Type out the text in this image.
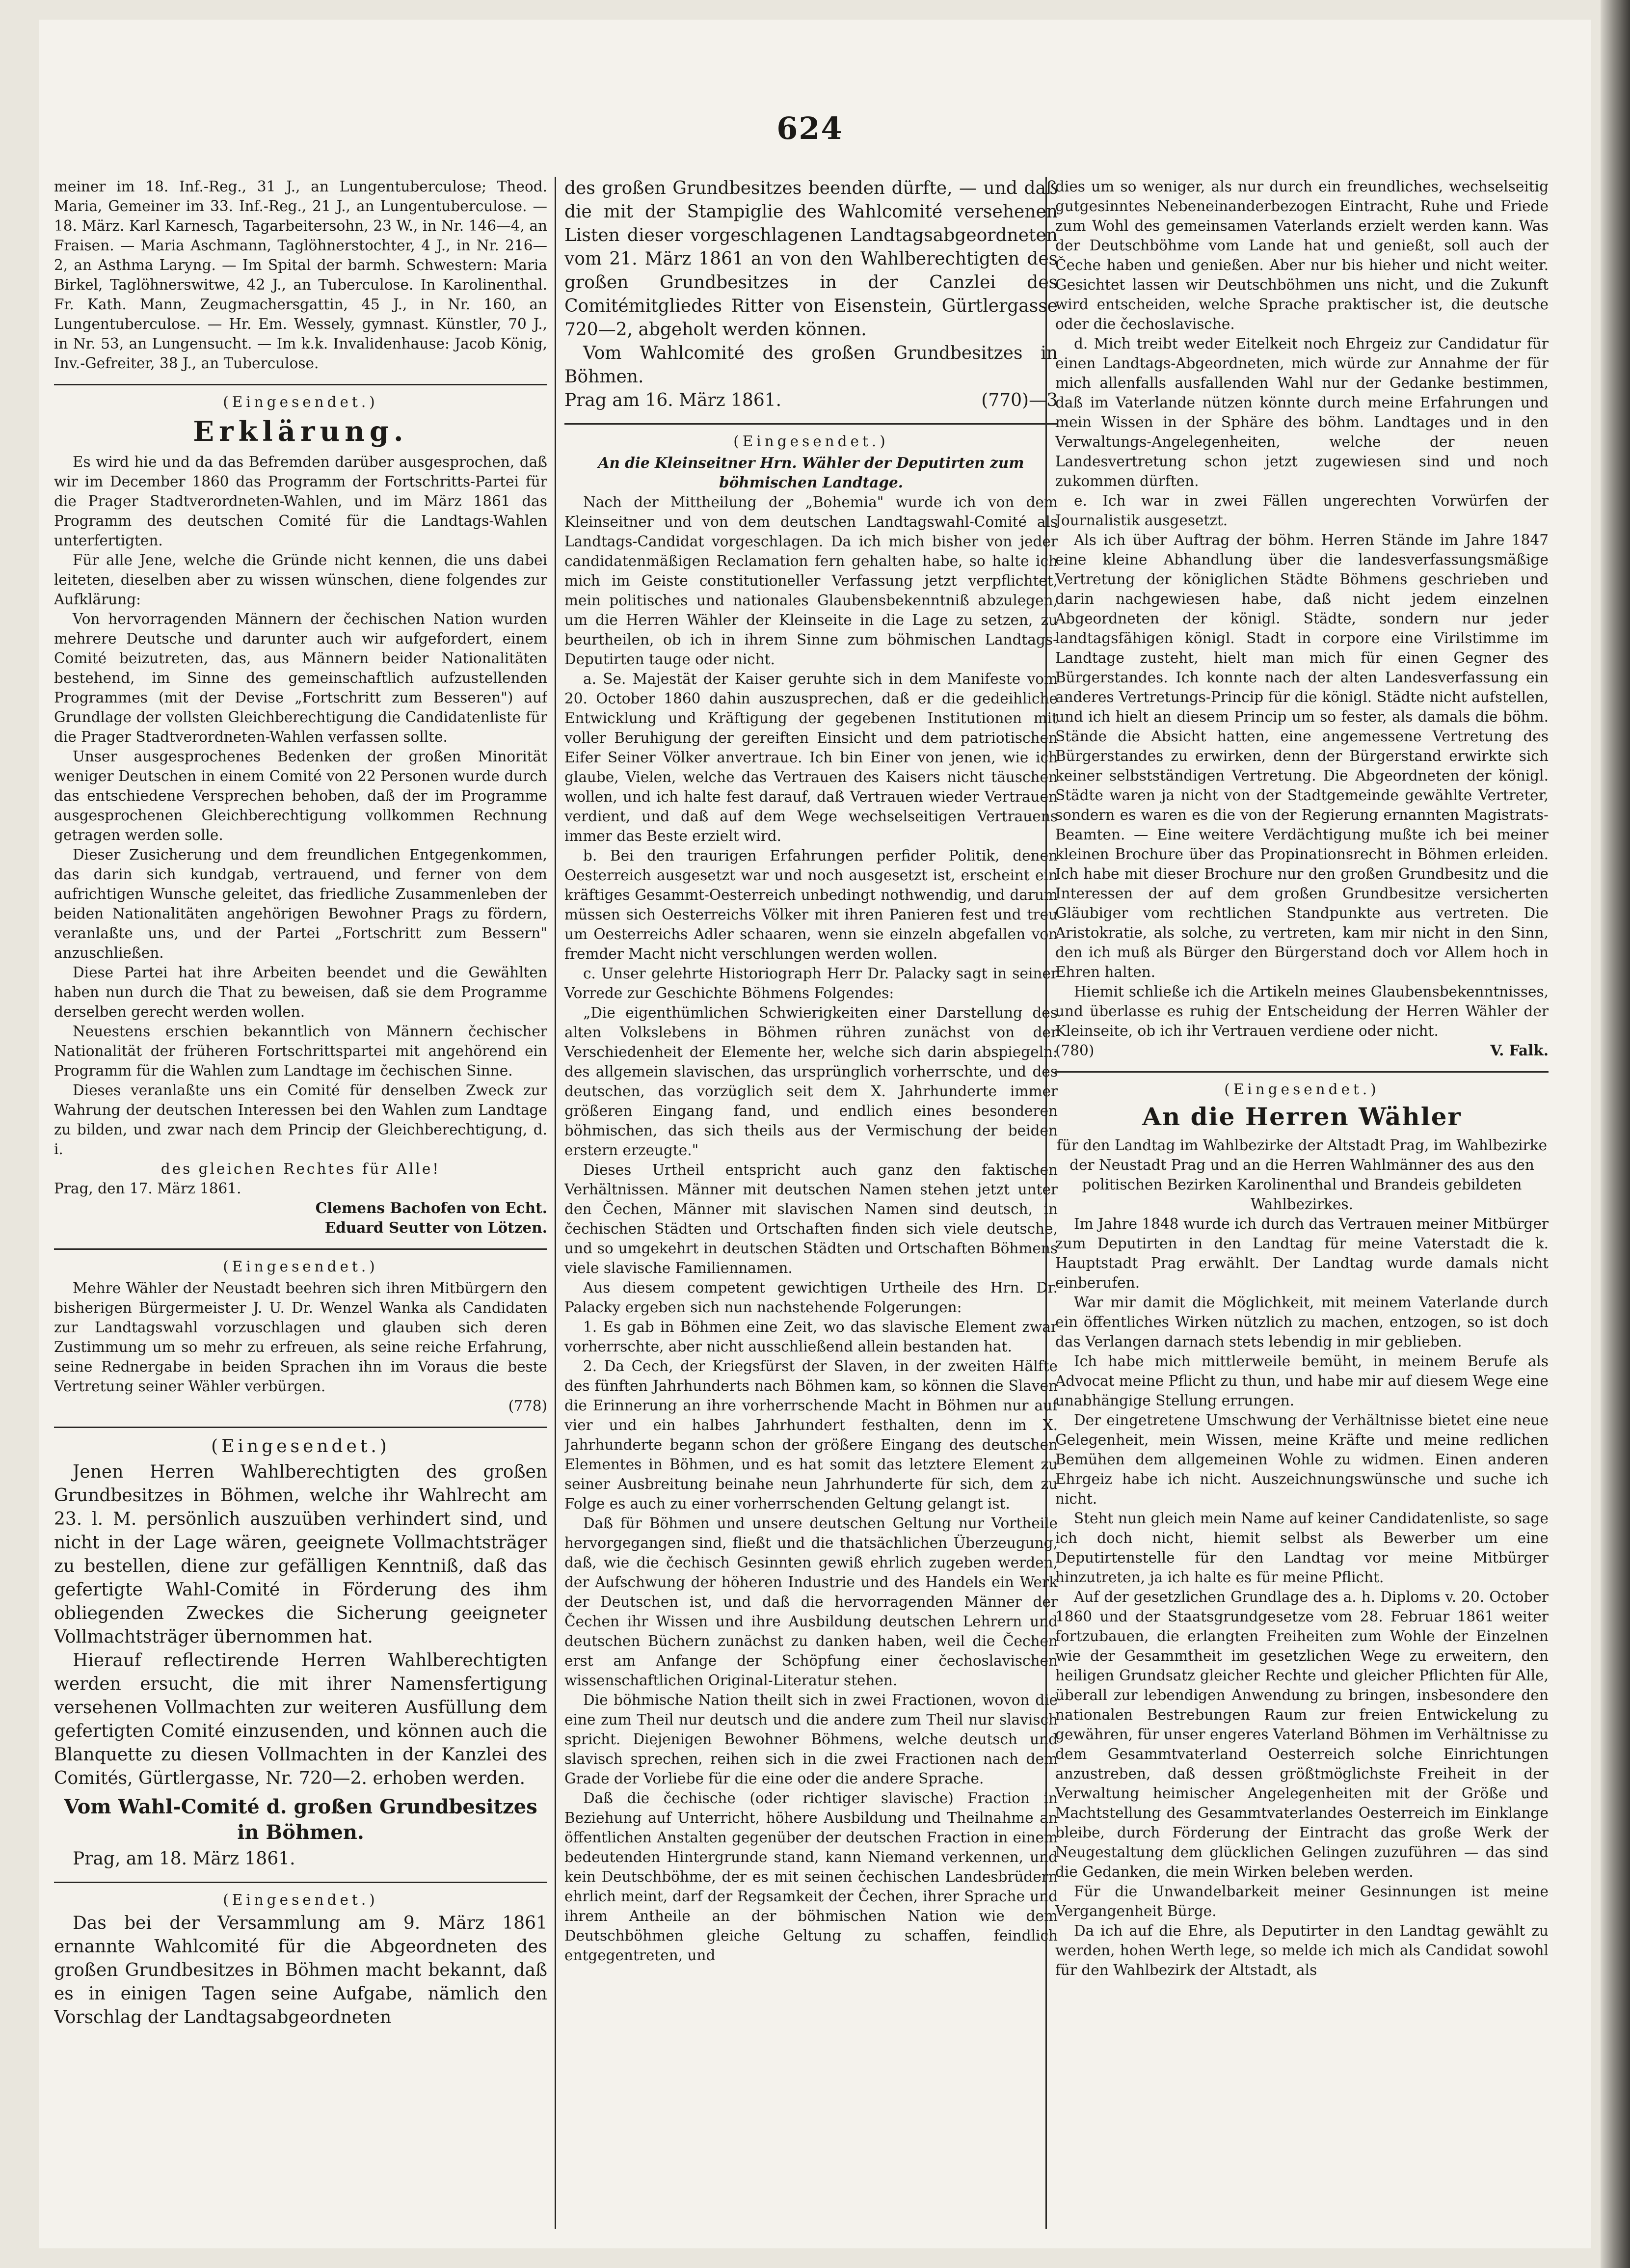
624

meiner im 18. Inf.-Reg., 31 J., an Lungentuberculose; Theod. Maria, Gemeiner im 33. Inf.-Reg., 21 J., an Lungentuberculose. — 18. März. Karl Karnesch, Tagarbeitersohn, 23 W., in Nr. 146—4, an Fraisen. — Maria Aschmann, Taglöhnerstochter, 4 J., in Nr. 216—2, an Asthma Laryng. — Im Spital der barmh. Schwestern: Maria Birkel, Taglöhnerswitwe, 42 J., an Tuberculose. In Karolinenthal. Fr. Kath. Mann, Zeugmachersgattin, 45 J., in Nr. 160, an Lungentuberculose. — Hr. Em. Wessely, gymnast. Künstler, 70 J., in Nr. 53, an Lungensucht. — Im k.k. Invalidenhause: Jacob König, Inv.-Gefreiter, 38 J., an Tuberculose.

(Eingesendet.)

Erklärung.

Es wird hie und da das Befremden darüber ausgesprochen, daß wir im December 1860 das Programm der Fortschritts-Partei für die Prager Stadtverordneten-Wahlen, und im März 1861 das Programm des deutschen Comité für die Landtags-Wahlen unterfertigten.

Für alle Jene, welche die Gründe nicht kennen, die uns dabei leiteten, dieselben aber zu wissen wünschen, diene folgendes zur Aufklärung:

Von hervorragenden Männern der čechischen Nation wurden mehrere Deutsche und darunter auch wir aufgefordert, einem Comité beizutreten, das, aus Männern beider Nationalitäten bestehend, im Sinne des gemeinschaftlich aufzustellenden Programmes (mit der Devise „Fortschritt zum Besseren") auf Grundlage der vollsten Gleichberechtigung die Candidatenliste für die Prager Stadtverordneten-Wahlen verfassen sollte.

Unser ausgesprochenes Bedenken der großen Minorität weniger Deutschen in einem Comité von 22 Personen wurde durch das entschiedene Versprechen behoben, daß der im Programme ausgesprochenen Gleichberechtigung vollkommen Rechnung getragen werden solle.

Dieser Zusicherung und dem freundlichen Entgegenkommen, das darin sich kundgab, vertrauend, und ferner von dem aufrichtigen Wunsche geleitet, das friedliche Zusammenleben der beiden Nationalitäten angehörigen Bewohner Prags zu fördern, veranlaßte uns, und der Partei „Fortschritt zum Bessern" anzuschließen.

Diese Partei hat ihre Arbeiten beendet und die Gewählten haben nun durch die That zu beweisen, daß sie dem Programme derselben gerecht werden wollen.

Neuestens erschien bekanntlich von Männern čechischer Nationalität der früheren Fortschrittspartei mit angehörend ein Programm für die Wahlen zum Landtage im čechischen Sinne.

Dieses veranlaßte uns ein Comité für denselben Zweck zur Wahrung der deutschen Interessen bei den Wahlen zum Landtage zu bilden, und zwar nach dem Princip der Gleichberechtigung, d. i.

des gleichen Rechtes für Alle!

Prag, den 17. März 1861.

Clemens Bachofen von Echt.

Eduard Seutter von Lötzen.

(Eingesendet.)

Mehre Wähler der Neustadt beehren sich ihren Mitbürgern den bisherigen Bürgermeister J. U. Dr. Wenzel Wanka als Candidaten zur Landtagswahl vorzuschlagen und glauben sich deren Zustimmung um so mehr zu erfreuen, als seine reiche Erfahrung, seine Rednergabe in beiden Sprachen ihn im Voraus die beste Vertretung seiner Wähler verbürgen.

(778)

(Eingesendet.)

Jenen Herren Wahlberechtigten des großen Grundbesitzes in Böhmen, welche ihr Wahlrecht am 23. l. M. persönlich auszuüben verhindert sind, und nicht in der Lage wären, geeignete Vollmachtsträger zu bestellen, diene zur gefälligen Kenntniß, daß das gefertigte Wahl-Comité in Förderung des ihm obliegenden Zweckes die Sicherung geeigneter Vollmachtsträger übernommen hat.

Hierauf reflectirende Herren Wahlberechtigten werden ersucht, die mit ihrer Namensfertigung versehenen Vollmachten zur weiteren Ausfüllung dem gefertigten Comité einzusenden, und können auch die Blanquette zu diesen Vollmachten in der Kanzlei des Comités, Gürtlergasse, Nr. 720—2. erhoben werden.

Vom Wahl-Comité d. großen Grundbesitzes in Böhmen.

Prag, am 18. März 1861.

(Eingesendet.)

Das bei der Versammlung am 9. März 1861 ernannte Wahlcomité für die Abgeordneten des großen Grundbesitzes in Böhmen macht bekannt, daß es in einigen Tagen seine Aufgabe, nämlich den Vorschlag der Landtagsabgeordneten

des großen Grundbesitzes beenden dürfte, — und daß die mit der Stampiglie des Wahlcomité versehenen Listen dieser vorgeschlagenen Landtagsabgeordneten vom 21. März 1861 an von den Wahlberechtigten des großen Grundbesitzes in der Canzlei des Comitémitgliedes Ritter von Eisenstein, Gürtlergasse 720—2, abgeholt werden können.

Vom Wahlcomité des großen Grundbesitzes in Böhmen.

Prag am 16. März 1861.	(770)—3

(Eingesendet.)

An die Kleinseitner Hrn. Wähler der Deputirten zum böhmischen Landtage.

Nach der Mittheilung der „Bohemia" wurde ich von dem Kleinseitner und von dem deutschen Landtagswahl-Comité als Landtags-Candidat vorgeschlagen. Da ich mich bisher von jeder candidatenmäßigen Reclamation fern gehalten habe, so halte ich mich im Geiste constitutioneller Verfassung jetzt verpflichtet, mein politisches und nationales Glaubensbekenntniß abzulegen, um die Herren Wähler der Kleinseite in die Lage zu setzen, zu beurtheilen, ob ich in ihrem Sinne zum böhmischen Landtags-Deputirten tauge oder nicht.

a. Se. Majestät der Kaiser geruhte sich in dem Manifeste vom 20. October 1860 dahin auszusprechen, daß er die gedeihliche Entwicklung und Kräftigung der gegebenen Institutionen mit voller Beruhigung der gereiften Einsicht und dem patriotischen Eifer Seiner Völker anvertraue. Ich bin Einer von jenen, wie ich glaube, Vielen, welche das Vertrauen des Kaisers nicht täuschen wollen, und ich halte fest darauf, daß Vertrauen wieder Vertrauen verdient, und daß auf dem Wege wechselseitigen Vertrauens immer das Beste erzielt wird.

b. Bei den traurigen Erfahrungen perfider Politik, denen Oesterreich ausgesetzt war und noch ausgesetzt ist, erscheint ein kräftiges Gesammt-Oesterreich unbedingt nothwendig, und darum müssen sich Oesterreichs Völker mit ihren Panieren fest und treu um Oesterreichs Adler schaaren, wenn sie einzeln abgefallen von fremder Macht nicht verschlungen werden wollen.

c. Unser gelehrte Historiograph Herr Dr. Palacky sagt in seiner Vorrede zur Geschichte Böhmens Folgendes:

„Die eigenthümlichen Schwierigkeiten einer Darstellung des alten Volkslebens in Böhmen rühren zunächst von der Verschiedenheit der Elemente her, welche sich darin abspiegeln: des allgemein slavischen, das ursprünglich vorherrschte, und des deutschen, das vorzüglich seit dem X. Jahrhunderte immer größeren Eingang fand, und endlich eines besonderen böhmischen, das sich theils aus der Vermischung der beiden erstern erzeugte."

Dieses Urtheil entspricht auch ganz den faktischen Verhältnissen. Männer mit deutschen Namen stehen jetzt unter den Čechen, Männer mit slavischen Namen sind deutsch, in čechischen Städten und Ortschaften finden sich viele deutsche, und so umgekehrt in deutschen Städten und Ortschaften Böhmens viele slavische Familiennamen.

Aus diesem competent gewichtigen Urtheile des Hrn. Dr. Palacky ergeben sich nun nachstehende Folgerungen:

1. Es gab in Böhmen eine Zeit, wo das slavische Element zwar vorherrschte, aber nicht ausschließend allein bestanden hat.

2. Da Cech, der Kriegsfürst der Slaven, in der zweiten Hälfte des fünften Jahrhunderts nach Böhmen kam, so können die Slaven die Erinnerung an ihre vorherrschende Macht in Böhmen nur auf vier und ein halbes Jahrhundert festhalten, denn im X. Jahrhunderte begann schon der größere Eingang des deutschen Elementes in Böhmen, und es hat somit das letztere Element zu seiner Ausbreitung beinahe neun Jahrhunderte für sich, dem zu Folge es auch zu einer vorherrschenden Geltung gelangt ist.

Daß für Böhmen und unsere deutschen Geltung nur Vortheile hervorgegangen sind, fließt und die thatsächlichen Überzeugung, daß, wie die čechisch Gesinnten gewiß ehrlich zugeben werden, der Aufschwung der höheren Industrie und des Handels ein Werk der Deutschen ist, und daß die hervorragenden Männer der Čechen ihr Wissen und ihre Ausbildung deutschen Lehrern und deutschen Büchern zunächst zu danken haben, weil die Čechen erst am Anfange der Schöpfung einer čechoslavischen wissenschaftlichen Original-Literatur stehen.

Die böhmische Nation theilt sich in zwei Fractionen, wovon die eine zum Theil nur deutsch und die andere zum Theil nur slavisch spricht. Diejenigen Bewohner Böhmens, welche deutsch und slavisch sprechen, reihen sich in die zwei Fractionen nach dem Grade der Vorliebe für die eine oder die andere Sprache.

Daß die čechische (oder richtiger slavische) Fraction in Beziehung auf Unterricht, höhere Ausbildung und Theilnahme an öffentlichen Anstalten gegenüber der deutschen Fraction in einem bedeutenden Hintergrunde stand, kann Niemand verkennen, und kein Deutschböhme, der es mit seinen čechischen Landesbrüdern ehrlich meint, darf der Regsamkeit der Čechen, ihrer Sprache und ihrem Antheile an der böhmischen Nation wie dem Deutschböhmen gleiche Geltung zu schaffen, feindlich entgegentreten, und

dies um so weniger, als nur durch ein freundliches, wechselseitig gutgesinntes Nebeneinanderbezogen Eintracht, Ruhe und Friede zum Wohl des gemeinsamen Vaterlands erzielt werden kann. Was der Deutschböhme vom Lande hat und genießt, soll auch der Čeche haben und genießen. Aber nur bis hieher und nicht weiter. Gesichtet lassen wir Deutschböhmen uns nicht, und die Zukunft wird entscheiden, welche Sprache praktischer ist, die deutsche oder die čechoslavische.

d. Mich treibt weder Eitelkeit noch Ehrgeiz zur Candidatur für einen Landtags-Abgeordneten, mich würde zur Annahme der für mich allenfalls ausfallenden Wahl nur der Gedanke bestimmen, daß im Vaterlande nützen könnte durch meine Erfahrungen und mein Wissen in der Sphäre des böhm. Landtages und in den Verwaltungs-Angelegenheiten, welche der neuen Landesvertretung schon jetzt zugewiesen sind und noch zukommen dürften.

e. Ich war in zwei Fällen ungerechten Vorwürfen der Journalistik ausgesetzt.

Als ich über Auftrag der böhm. Herren Stände im Jahre 1847 eine kleine Abhandlung über die landesverfassungsmäßige Vertretung der königlichen Städte Böhmens geschrieben und darin nachgewiesen habe, daß nicht jedem einzelnen Abgeordneten der königl. Städte, sondern nur jeder landtagsfähigen königl. Stadt in corpore eine Virilstimme im Landtage zusteht, hielt man mich für einen Gegner des Bürgerstandes. Ich konnte nach der alten Landesverfassung ein anderes Vertretungs-Princip für die königl. Städte nicht aufstellen, und ich hielt an diesem Princip um so fester, als damals die böhm. Stände die Absicht hatten, eine angemessene Vertretung des Bürgerstandes zu erwirken, denn der Bürgerstand erwirkte sich keiner selbstständigen Vertretung. Die Abgeordneten der königl. Städte waren ja nicht von der Stadtgemeinde gewählte Vertreter, sondern es waren es die von der Regierung ernannten Magistrats-Beamten. — Eine weitere Verdächtigung mußte ich bei meiner kleinen Brochure über das Propinationsrecht in Böhmen erleiden. Ich habe mit dieser Brochure nur den großen Grundbesitz und die Interessen der auf dem großen Grundbesitze versicherten Gläubiger vom rechtlichen Standpunkte aus vertreten. Die Aristokratie, als solche, zu vertreten, kam mir nicht in den Sinn, den ich muß als Bürger den Bürgerstand doch vor Allem hoch in Ehren halten.

Hiemit schließe ich die Artikeln meines Glaubensbekenntnisses, und überlasse es ruhig der Entscheidung der Herren Wähler der Kleinseite, ob ich ihr Vertrauen verdiene oder nicht.

(780)	V. Falk.

(Eingesendet.)

An die Herren Wähler

für den Landtag im Wahlbezirke der Altstadt Prag, im Wahlbezirke der Neustadt Prag und an die Herren Wahlmänner des aus den politischen Bezirken Karolinenthal und Brandeis gebildeten Wahlbezirkes.

Im Jahre 1848 wurde ich durch das Vertrauen meiner Mitbürger zum Deputirten in den Landtag für meine Vaterstadt die k. Hauptstadt Prag erwählt. Der Landtag wurde damals nicht einberufen.

War mir damit die Möglichkeit, mit meinem Vaterlande durch ein öffentliches Wirken nützlich zu machen, entzogen, so ist doch das Verlangen darnach stets lebendig in mir geblieben.

Ich habe mich mittlerweile bemüht, in meinem Berufe als Advocat meine Pflicht zu thun, und habe mir auf diesem Wege eine unabhängige Stellung errungen.

Der eingetretene Umschwung der Verhältnisse bietet eine neue Gelegenheit, mein Wissen, meine Kräfte und meine redlichen Bemühen dem allgemeinen Wohle zu widmen. Einen anderen Ehrgeiz habe ich nicht. Auszeichnungswünsche und suche ich nicht.

Steht nun gleich mein Name auf keiner Candidatenliste, so sage ich doch nicht, hiemit selbst als Bewerber um eine Deputirtenstelle für den Landtag vor meine Mitbürger hinzutreten, ja ich halte es für meine Pflicht.

Auf der gesetzlichen Grundlage des a. h. Diploms v. 20. October 1860 und der Staatsgrundgesetze vom 28. Februar 1861 weiter fortzubauen, die erlangten Freiheiten zum Wohle der Einzelnen wie der Gesammtheit im gesetzlichen Wege zu erweitern, den heiligen Grundsatz gleicher Rechte und gleicher Pflichten für Alle, überall zur lebendigen Anwendung zu bringen, insbesondere den nationalen Bestrebungen Raum zur freien Entwickelung zu gewähren, für unser engeres Vaterland Böhmen im Verhältnisse zu dem Gesammtvaterland Oesterreich solche Einrichtungen anzustreben, daß dessen größtmöglichste Freiheit in der Verwaltung heimischer Angelegenheiten mit der Größe und Machtstellung des Gesammtvaterlandes Oesterreich im Einklange bleibe, durch Förderung der Eintracht das große Werk der Neugestaltung dem glücklichen Gelingen zuzuführen — das sind die Gedanken, die mein Wirken beleben werden.

Für die Unwandelbarkeit meiner Gesinnungen ist meine Vergangenheit Bürge.

Da ich auf die Ehre, als Deputirter in den Landtag gewählt zu werden, hohen Werth lege, so melde ich mich als Candidat sowohl für den Wahlbezirk der Altstadt, als
